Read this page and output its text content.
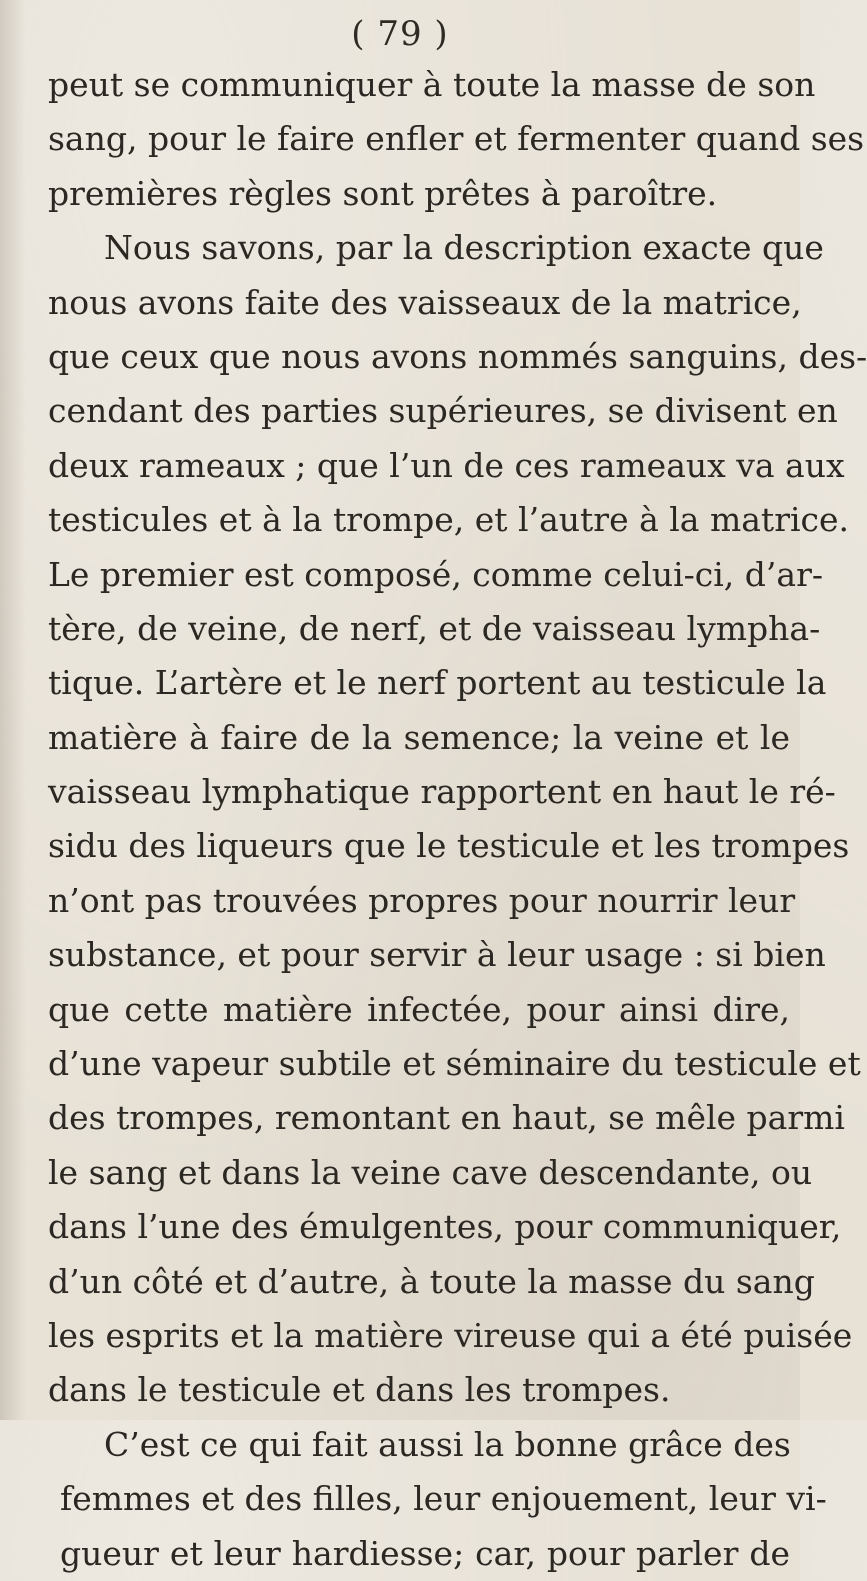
( 79 )
peut se communiquer à toute la masse de son
sang, pour le faire enfler et fermenter quand ses
premières règles sont prêtes à paroître.
Nous savons, par la description exacte que
nous avons faite des vaisseaux de la matrice,
que ceux que nous avons nommés sanguins, des-
cendant des parties supérieures, se divisent en
deux rameaux ; que l’un de ces rameaux va aux
testicules et à la trompe, et l’autre à la matrice.
Le premier est composé, comme celui-ci, d’ar-
tère, de veine, de nerf, et de vaisseau lympha-
tique. L’artère et le nerf portent au testicule la
matière à faire de la semence; la veine et le
vaisseau lymphatique rapportent en haut le ré-
sidu des liqueurs que le testicule et les trompes
n’ont pas trouvées propres pour nourrir leur
substance, et pour servir à leur usage : si bien
que cette matière infectée, pour ainsi dire,
d’une vapeur subtile et séminaire du testicule et
des trompes, remontant en haut, se mêle parmi
le sang et dans la veine cave descendante, ou
dans l’une des émulgentes, pour communiquer,
d’un côté et d’autre, à toute la masse du sang
les esprits et la matière vireuse qui a été puisée
dans le testicule et dans les trompes.
C’est ce qui fait aussi la bonne grâce des
femmes et des filles, leur enjouement, leur vi-
gueur et leur hardiesse; car, pour parler de
